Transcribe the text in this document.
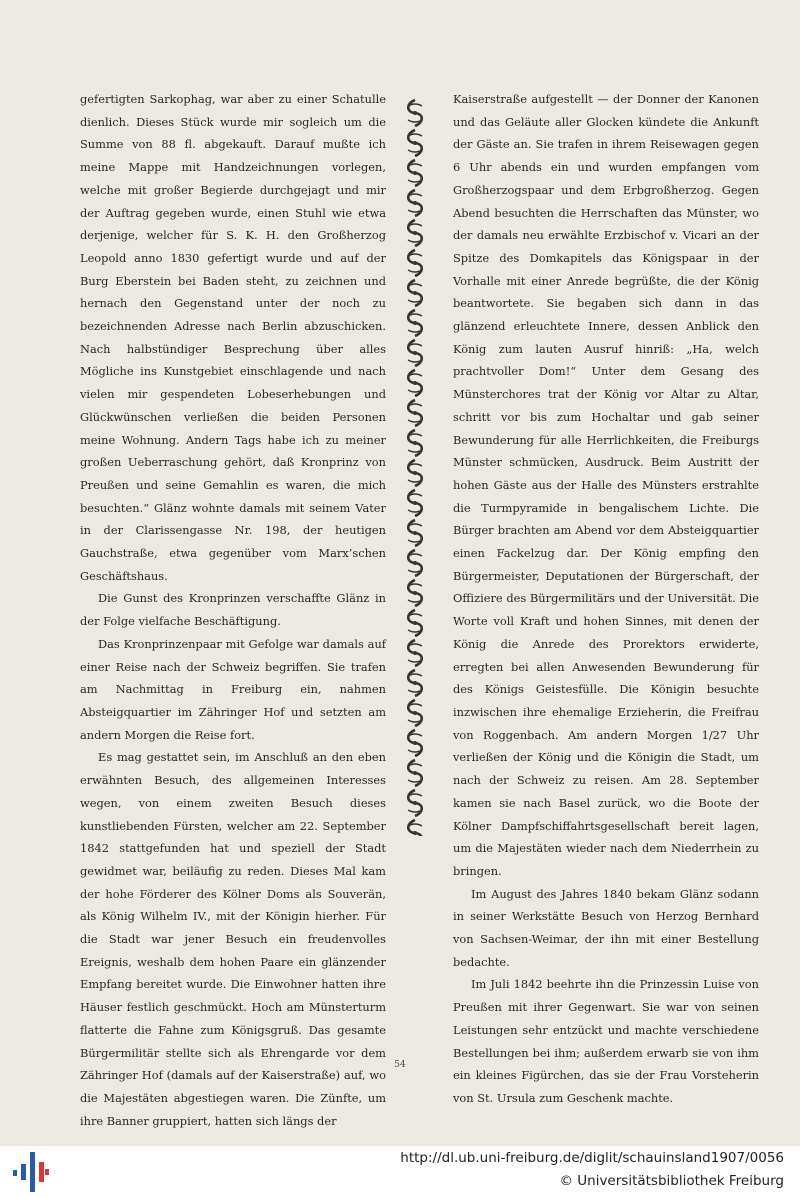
gefertigten Sarkophag, war aber zu einer Schatulle dienlich. Dieses Stück wurde mir sogleich um die Summe von 88 fl. abgekauft. Darauf mußte ich meine Mappe mit Handzeichnungen vorlegen, welche mit großer Begierde durchgejagt und mir der Auftrag gegeben wurde, einen Stuhl wie etwa derjenige, welcher für S. K. H. den Großherzog Leopold anno 1830 gefertigt wurde und auf der Burg Eberstein bei Baden steht, zu zeichnen und hernach den Gegenstand unter der noch zu bezeichnenden Adresse nach Berlin abzuschicken. Nach halbstündiger Besprechung über alles Mögliche ins Kunstgebiet einschlagende und nach vielen mir gespendeten Lobeserhebungen und Glückwünschen verließen die beiden Personen meine Wohnung. Andern Tags habe ich zu meiner großen Ueberraschung gehört, daß Kronprinz von Preußen und seine Gemahlin es waren, die mich besuchten.“ Glänz wohnte damals mit seinem Vater in der Clarissengasse Nr. 198, der heutigen Gauchstraße, etwa gegenüber vom Marx’schen Geschäftshaus.

Die Gunst des Kronprinzen verschaffte Glänz in der Folge vielfache Beschäftigung.

Das Kronprinzenpaar mit Gefolge war damals auf einer Reise nach der Schweiz begriffen. Sie trafen am Nachmittag in Freiburg ein, nahmen Absteigquartier im Zähringer Hof und setzten am andern Morgen die Reise fort.

Es mag gestattet sein, im Anschluß an den eben erwähnten Besuch, des allgemeinen Interesses wegen, von einem zweiten Besuch dieses kunstliebenden Fürsten, welcher am 22. September 1842 stattgefunden hat und speziell der Stadt gewidmet war, beiläufig zu reden. Dieses Mal kam der hohe Förderer des Kölner Doms als Souverän, als König Wilhelm IV., mit der Königin hierher. Für die Stadt war jener Besuch ein freudenvolles Ereignis, weshalb dem hohen Paare ein glänzender Empfang bereitet wurde. Die Einwohner hatten ihre Häuser festlich geschmückt. Hoch am Münsterturm flatterte die Fahne zum Königsgruß. Das gesamte Bürgermilitär stellte sich als Ehrengarde vor dem Zähringer Hof (damals auf der Kaiserstraße) auf, wo die Majestäten abgestiegen waren. Die Zünfte, um ihre Banner gruppiert, hatten sich längs der

Kaiserstraße aufgestellt — der Donner der Kanonen und das Geläute aller Glocken kündete die Ankunft der Gäste an. Sie trafen in ihrem Reisewagen gegen 6 Uhr abends ein und wurden empfangen vom Großherzogspaar und dem Erbgroßherzog. Gegen Abend besuchten die Herrschaften das Münster, wo der damals neu erwählte Erzbischof v. Vicari an der Spitze des Domkapitels das Königspaar in der Vorhalle mit einer Anrede begrüßte, die der König beantwortete. Sie begaben sich dann in das glänzend erleuchtete Innere, dessen Anblick den König zum lauten Ausruf hinriß: „Ha, welch prachtvoller Dom!“ Unter dem Gesang des Münsterchores trat der König vor Altar zu Altar, schritt vor bis zum Hochaltar und gab seiner Bewunderung für alle Herrlichkeiten, die Freiburgs Münster schmücken, Ausdruck. Beim Austritt der hohen Gäste aus der Halle des Münsters erstrahlte die Turmpyramide in bengalischem Lichte. Die Bürger brachten am Abend vor dem Absteigquartier einen Fackelzug dar. Der König empfing den Bürgermeister, Deputationen der Bürgerschaft, der Offiziere des Bürgermilitärs und der Universität. Die Worte voll Kraft und hohen Sinnes, mit denen der König die Anrede des Prorektors erwiderte, erregten bei allen Anwesenden Bewunderung für des Königs Geistesfülle. Die Königin besuchte inzwischen ihre ehemalige Erzieherin, die Freifrau von Roggenbach. Am andern Morgen 1/27 Uhr verließen der König und die Königin die Stadt, um nach der Schweiz zu reisen. Am 28. September kamen sie nach Basel zurück, wo die Boote der Kölner Dampfschiffahrtsgesellschaft bereit lagen, um die Majestäten wieder nach dem Niederrhein zu bringen.

Im August des Jahres 1840 bekam Glänz sodann in seiner Werkstätte Besuch von Herzog Bernhard von Sachsen-Weimar, der ihn mit einer Bestellung bedachte.

Im Juli 1842 beehrte ihn die Prinzessin Luise von Preußen mit ihrer Gegenwart. Sie war von seinen Leistungen sehr entzückt und machte verschiedene Bestellungen bei ihm; außerdem erwarb sie von ihm ein kleines Figürchen, das sie der Frau Vorsteherin von St. Ursula zum Geschenk machte.

54
http://dl.ub.uni-freiburg.de/diglit/schauinsland1907/0056
© Universitätsbibliothek Freiburg
